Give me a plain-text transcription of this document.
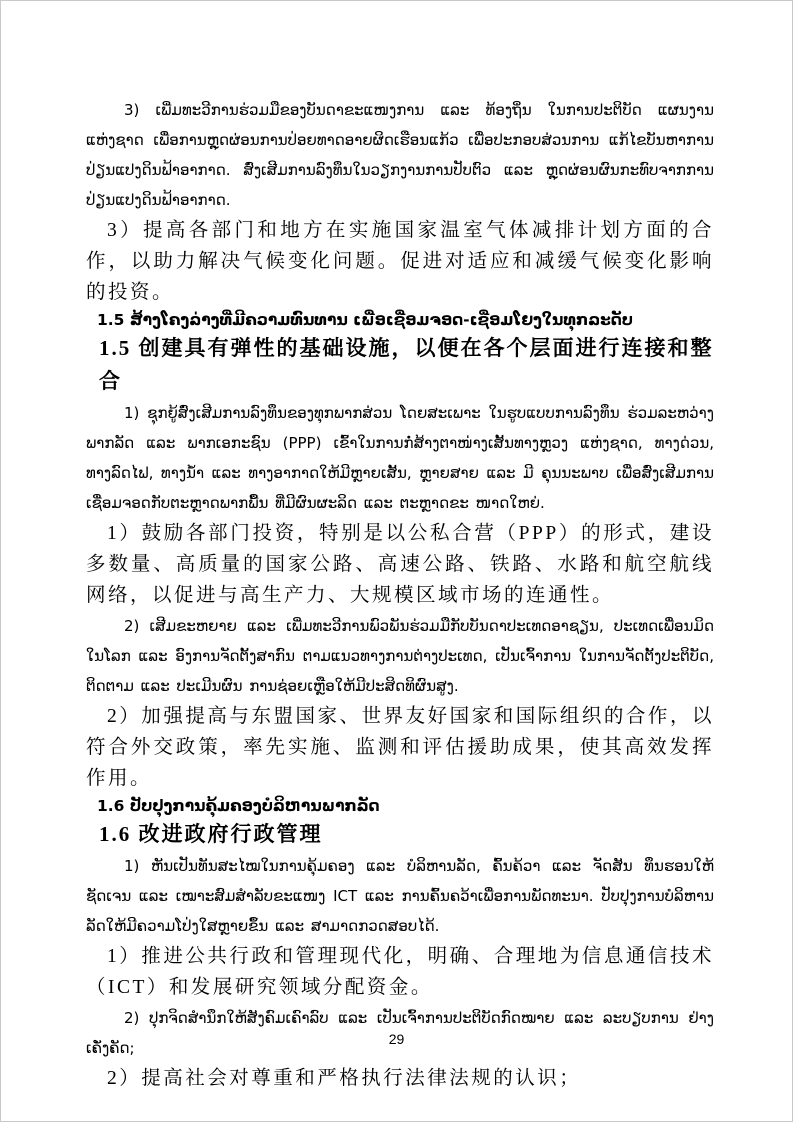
3) ເພີ່ມທະວີການຮ່ວມມືຂອງບັນດາຂະແໜງການ ແລະ ທ້ອງຖິ່ນ ໃນການປະຕິບັດ ແຜນງານແຫ່ງຊາດ ເພື່ອການຫຼຸດຜ່ອນການປ່ອຍທາດອາຍຜິດເຮືອນແກ້ວ ເພື່ອປະກອບສ່ວນການ ແກ້ໄຂບັນຫາການປ່ຽນແປງດິນຟ້າອາກາດ. ສົ່ງເສີມການລົງທຶນໃນວຽກງານການປັບຕົວ ແລະ ຫຼຸດຜ່ອນຜົນກະທົບຈາກການປ່ຽນແປງດິນຟ້າອາກາດ.

3）提高各部门和地方在实施国家温室气体减排计划方面的合作，以助力解决气候变化问题。促进对适应和减缓气候变化影响的投资。

1.5 ສ້າງໂຄງລ່າງທີ່ມີຄວາມທົນທານ ເພື່ອເຊື່ອມຈອດ-ເຊື່ອມໂຍງໃນທຸກລະດັບ

1.5 创建具有弹性的基础设施，以便在各个层面进行连接和整合

1) ຊຸກຍູ້ສົ່ງເສີມການລົງທຶນຂອງທຸກພາກສ່ວນ ໂດຍສະເພາະ ໃນຮູບແບບການລົງທຶນ ຮ່ວມລະຫວ່າງພາກລັດ ແລະ ພາກເອກະຊົນ (PPP) ເຂົ້າໃນການກໍ່ສ້າງຕາໜ່າງເສັ້ນທາງຫຼວງ ແຫ່ງຊາດ, ທາງດ່ວນ, ທາງລົດໄຟ, ທາງນ້ຳ ແລະ ທາງອາກາດໃຫ້ມີຫຼາຍເສັ້ນ, ຫຼາຍສາຍ ແລະ ມີ ຄຸນນະພາບ ເພື່ອສົ່ງເສີມການເຊື່ອມຈອດກັບຕະຫຼາດພາກພື້ນ ທີ່ມີຜົນຜະລິດ ແລະ ຕະຫຼາດຂະ ໜາດໃຫຍ່.

1）鼓励各部门投资，特别是以公私合营（PPP）的形式，建设多数量、高质量的国家公路、高速公路、铁路、水路和航空航线网络，以促进与高生产力、大规模区域市场的连通性。

2) ເສີມຂະຫຍາຍ ແລະ ເພີ່ມທະວີການພົວພັນຮ່ວມມືກັບບັນດາປະເທດອາຊຽນ, ປະເທດເພື່ອນມິດໃນໂລກ ແລະ ອົງການຈັດຕັ້ງສາກົນ ຕາມແນວທາງການຕ່າງປະເທດ, ເປັນເຈົ້າການ ໃນການຈັດຕັ້ງປະຕິບັດ, ຕິດຕາມ ແລະ ປະເມີນຜົນ ການຊ່ອຍເຫຼືອໃຫ້ມີປະສິດທິຜົນສູງ.

2）加强提高与东盟国家、世界友好国家和国际组织的合作，以符合外交政策，率先实施、监测和评估援助成果，使其高效发挥作用。

1.6 ປັບປຸງການຄຸ້ມຄອງບໍລິຫານພາກລັດ

1.6 改进政府行政管理

1) ຫັນເປັນທັນສະໄໝໃນການຄຸ້ມຄອງ ແລະ ບໍລິຫານລັດ, ຄົ້ນຄ້ວາ ແລະ ຈັດສັນ ທຶນຮອນໃຫ້ຊັດເຈນ ແລະ ເໝາະສົມສຳລັບຂະແໜງ ICT ແລະ ການຄົ້ນຄວ້າເພື່ອການພັດທະນາ. ປັບປຸງການບໍລິຫານລັດໃຫ້ມີຄວາມໂປ່ງໃສຫຼາຍຂຶ້ນ ແລະ ສາມາດກວດສອບໄດ້.

1）推进公共行政和管理现代化，明确、合理地为信息通信技术（ICT）和发展研究领域分配资金。

2) ປຸກຈິດສຳນຶກໃຫ້ສັງຄົມເຄົາລົບ ແລະ ເປັນເຈົ້າການປະຕິບັດກົດໝາຍ ແລະ ລະບຽບການ ຢ່າງເຄັ່ງຄັດ;

2）提高社会对尊重和严格执行法律法规的认识；

29
